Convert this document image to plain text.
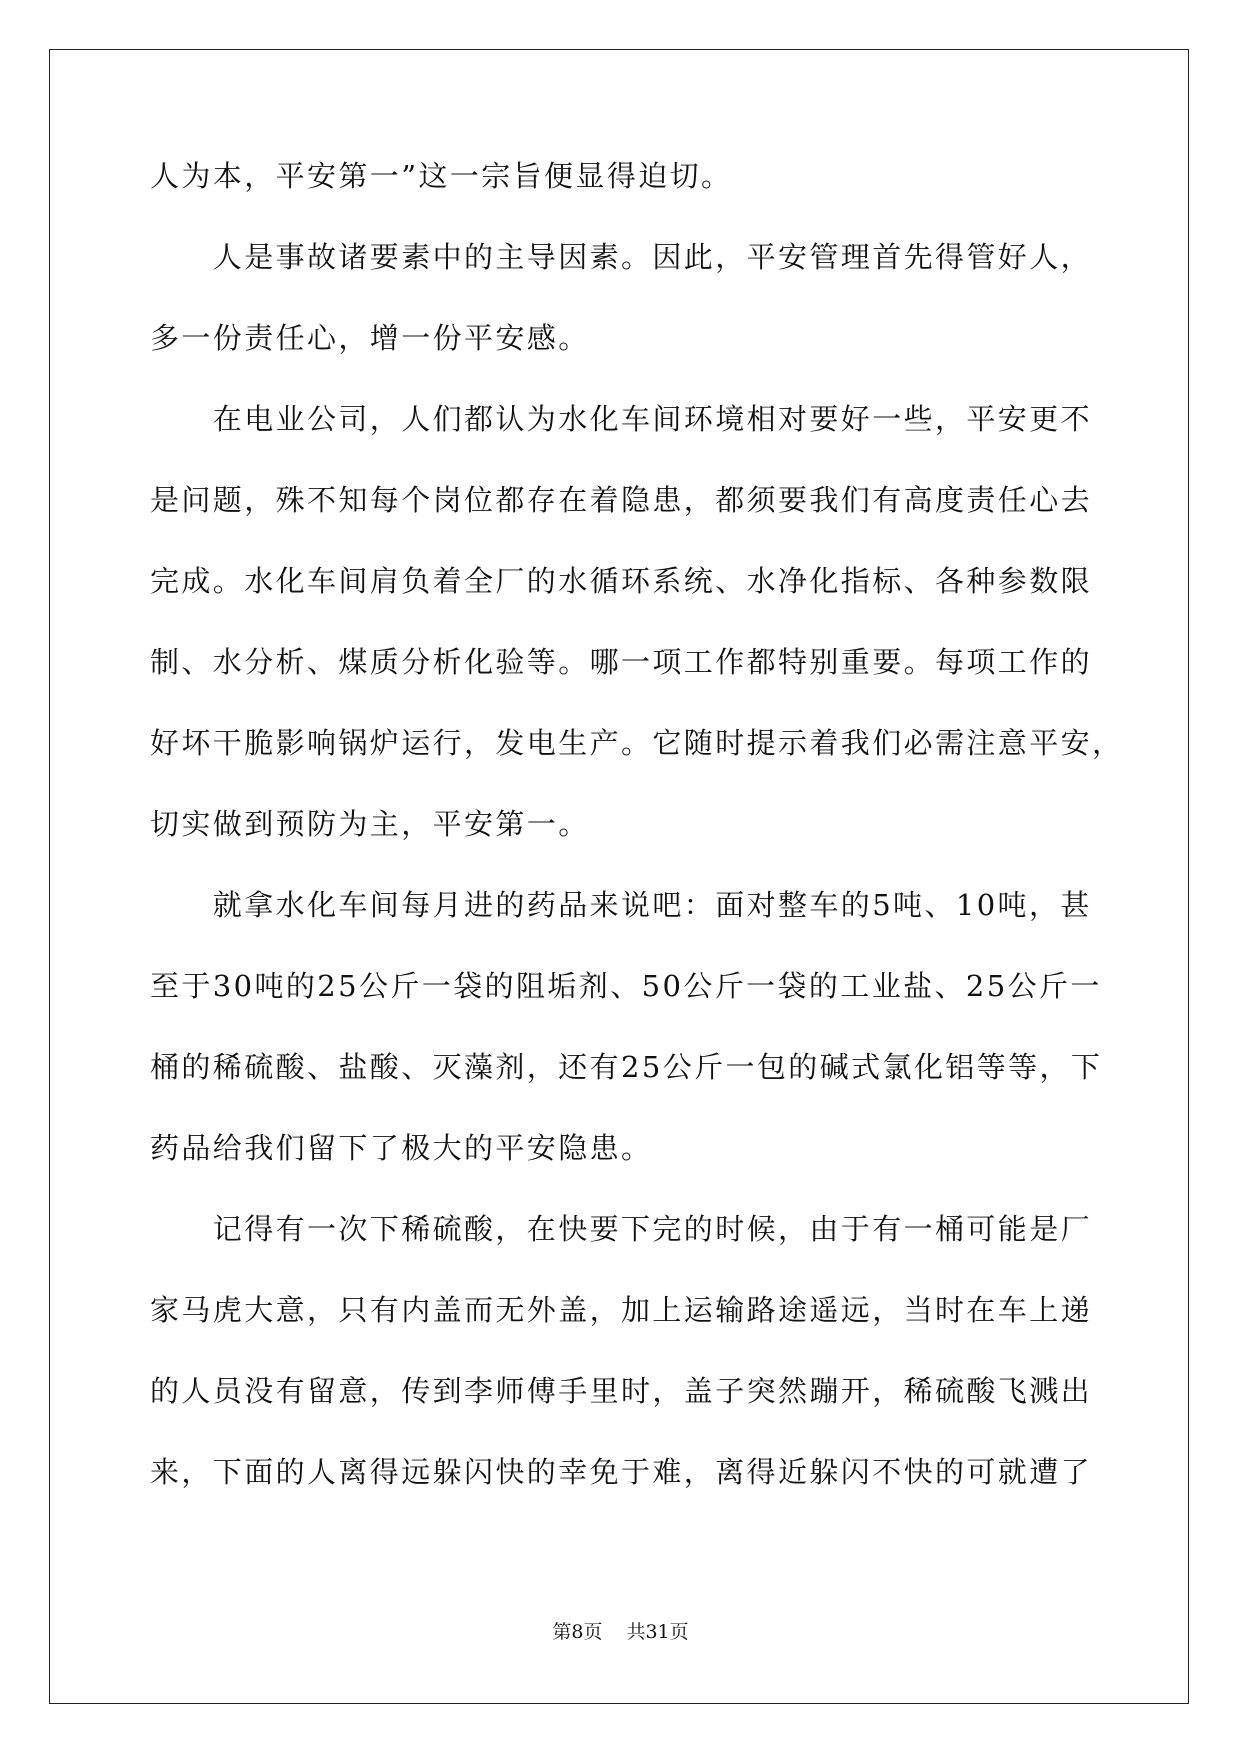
人为本，平安第一”这一宗旨便显得迫切。
　　人是事故诸要素中的主导因素。因此，平安管理首先得管好人，
多一份责任心，增一份平安感。
　　在电业公司，人们都认为水化车间环境相对要好一些，平安更不
是问题，殊不知每个岗位都存在着隐患，都须要我们有高度责任心去
完成。水化车间肩负着全厂的水循环系统、水净化指标、各种参数限
制、水分析、煤质分析化验等。哪一项工作都特别重要。每项工作的
好坏干脆影响锅炉运行，发电生产。它随时提示着我们必需注意平安，
切实做到预防为主，平安第一。
　　就拿水化车间每月进的药品来说吧：面对整车的5吨、10吨，甚
至于30吨的25公斤一袋的阻垢剂、50公斤一袋的工业盐、25公斤一
桶的稀硫酸、盐酸、灭藻剂，还有25公斤一包的碱式氯化铝等等，下
药品给我们留下了极大的平安隐患。
　　记得有一次下稀硫酸，在快要下完的时候，由于有一桶可能是厂
家马虎大意，只有内盖而无外盖，加上运输路途遥远，当时在车上递
的人员没有留意，传到李师傅手里时，盖子突然蹦开，稀硫酸飞溅出
来，下面的人离得远躲闪快的幸免于难，离得近躲闪不快的可就遭了
第8页 共31页
